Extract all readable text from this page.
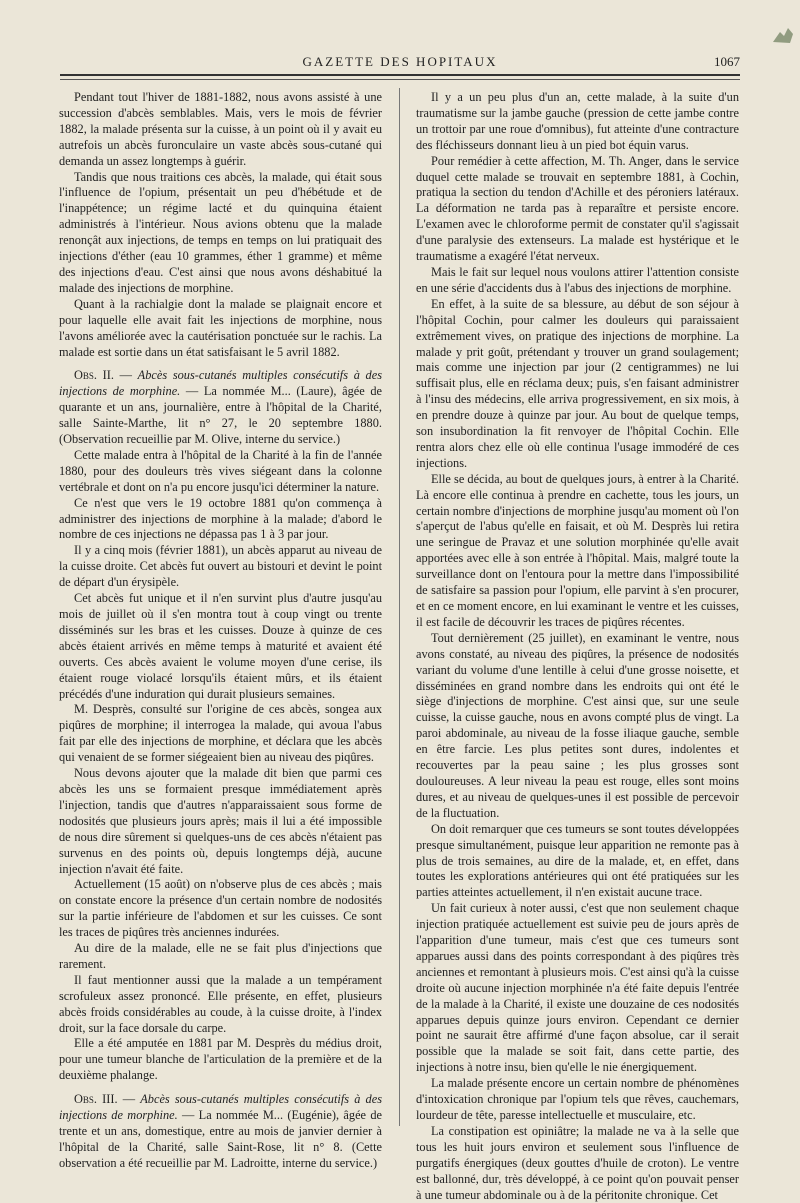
GAZETTE DES HOPITAUX	1067

Pendant tout l'hiver de 1881-1882, nous avons assisté à une succession d'abcès semblables. Mais, vers le mois de février 1882, la malade présenta sur la cuisse, à un point où il y avait eu autrefois un abcès furonculaire un vaste abcès sous-cutané qui demanda un assez longtemps à guérir.

Tandis que nous traitions ces abcès, la malade, qui était sous l'influence de l'opium, présentait un peu d'hébétude et de l'inappétence; un régime lacté et du quinquina étaient administrés à l'intérieur. Nous avions obtenu que la malade renonçât aux injections, de temps en temps on lui pratiquait des injections d'éther (eau 10 grammes, éther 1 gramme) et même des injections d'eau. C'est ainsi que nous avons déshabitué la malade des injections de morphine.

Quant à la rachialgie dont la malade se plaignait encore et pour laquelle elle avait fait les injections de morphine, nous l'avons améliorée avec la cautérisation ponctuée sur le rachis. La malade est sortie dans un état satisfaisant le 5 avril 1882.

Obs. II. — Abcès sous-cutanés multiples consécutifs à des injections de morphine. — La nommée M... (Laure), âgée de quarante et un ans, journalière, entre à l'hôpital de la Charité, salle Sainte-Marthe, lit n° 27, le 20 septembre 1880. (Observation recueillie par M. Olive, interne du service.)

Cette malade entra à l'hôpital de la Charité à la fin de l'année 1880, pour des douleurs très vives siégeant dans la colonne vertébrale et dont on n'a pu encore jusqu'ici déterminer la nature.

Ce n'est que vers le 19 octobre 1881 qu'on commença à administrer des injections de morphine à la malade; d'abord le nombre de ces injections ne dépassa pas 1 à 3 par jour.

Il y a cinq mois (février 1881), un abcès apparut au niveau de la cuisse droite. Cet abcès fut ouvert au bistouri et devint le point de départ d'un érysipèle.

Cet abcès fut unique et il n'en survint plus d'autre jusqu'au mois de juillet où il s'en montra tout à coup vingt ou trente disséminés sur les bras et les cuisses. Douze à quinze de ces abcès étaient arrivés en même temps à maturité et avaient été ouverts. Ces abcès avaient le volume moyen d'une cerise, ils étaient rouge violacé lorsqu'ils étaient mûrs, et ils étaient précédés d'une induration qui durait plusieurs semaines.

M. Desprès, consulté sur l'origine de ces abcès, songea aux piqûres de morphine; il interrogea la malade, qui avoua l'abus fait par elle des injections de morphine, et déclara que les abcès qui venaient de se former siégeaient bien au niveau des piqûres.

Nous devons ajouter que la malade dit bien que parmi ces abcès les uns se formaient presque immédiatement après l'injection, tandis que d'autres n'apparaissaient sous forme de nodosités que plusieurs jours après; mais il lui a été impossible de nous dire sûrement si quelques-uns de ces abcès n'étaient pas survenus en des points où, depuis longtemps déjà, aucune injection n'avait été faite.

Actuellement (15 août) on n'observe plus de ces abcès ; mais on constate encore la présence d'un certain nombre de nodosités sur la partie inférieure de l'abdomen et sur les cuisses. Ce sont les traces de piqûres très anciennes indurées.

Au dire de la malade, elle ne se fait plus d'injections que rarement.

Il faut mentionner aussi que la malade a un tempérament scrofuleux assez prononcé. Elle présente, en effet, plusieurs abcès froids considérables au coude, à la cuisse droite, à l'index droit, sur la face dorsale du carpe.

Elle a été amputée en 1881 par M. Desprès du médius droit, pour une tumeur blanche de l'articulation de la première et de la deuxième phalange.

Obs. III. — Abcès sous-cutanés multiples consécutifs à des injections de morphine. — La nommée M... (Eugénie), âgée de trente et un ans, domestique, entre au mois de janvier dernier à l'hôpital de la Charité, salle Saint-Rose, lit n° 8. (Cette observation a été recueillie par M. Ladroitte, interne du service.)

Il y a un peu plus d'un an, cette malade, à la suite d'un traumatisme sur la jambe gauche (pression de cette jambe contre un trottoir par une roue d'omnibus), fut atteinte d'une contracture des fléchisseurs donnant lieu à un pied bot équin varus.

Pour remédier à cette affection, M. Th. Anger, dans le service duquel cette malade se trouvait en septembre 1881, à Cochin, pratiqua la section du tendon d'Achille et des péroniers latéraux. La déformation ne tarda pas à reparaître et persiste encore. L'examen avec le chloroforme permit de constater qu'il s'agissait d'une paralysie des extenseurs. La malade est hystérique et le traumatisme a exagéré l'état nerveux.

Mais le fait sur lequel nous voulons attirer l'attention consiste en une série d'accidents dus à l'abus des injections de morphine.

En effet, à la suite de sa blessure, au début de son séjour à l'hôpital Cochin, pour calmer les douleurs qui paraissaient extrêmement vives, on pratique des injections de morphine. La malade y prit goût, prétendant y trouver un grand soulagement; mais comme une injection par jour (2 centigrammes) ne lui suffisait plus, elle en réclama deux; puis, s'en faisant administrer à l'insu des médecins, elle arriva progressivement, en six mois, à en prendre douze à quinze par jour. Au bout de quelque temps, son insubordination la fit renvoyer de l'hôpital Cochin. Elle rentra alors chez elle où elle continua l'usage immodéré de ces injections.

Elle se décida, au bout de quelques jours, à entrer à la Charité. Là encore elle continua à prendre en cachette, tous les jours, un certain nombre d'injections de morphine jusqu'au moment où l'on s'aperçut de l'abus qu'elle en faisait, et où M. Desprès lui retira une seringue de Pravaz et une solution morphinée qu'elle avait apportées avec elle à son entrée à l'hôpital. Mais, malgré toute la surveillance dont on l'entoura pour la mettre dans l'impossibilité de satisfaire sa passion pour l'opium, elle parvint à s'en procurer, et en ce moment encore, en lui examinant le ventre et les cuisses, il est facile de découvrir les traces de piqûres récentes.

Tout dernièrement (25 juillet), en examinant le ventre, nous avons constaté, au niveau des piqûres, la présence de nodosités variant du volume d'une lentille à celui d'une grosse noisette, et disséminées en grand nombre dans les endroits qui ont été le siège d'injections de morphine. C'est ainsi que, sur une seule cuisse, la cuisse gauche, nous en avons compté plus de vingt. La paroi abdominale, au niveau de la fosse iliaque gauche, semble en être farcie. Les plus petites sont dures, indolentes et recouvertes par la peau saine ; les plus grosses sont douloureuses. A leur niveau la peau est rouge, elles sont moins dures, et au niveau de quelques-unes il est possible de percevoir de la fluctuation.

On doit remarquer que ces tumeurs se sont toutes développées presque simultanément, puisque leur apparition ne remonte pas à plus de trois semaines, au dire de la malade, et, en effet, dans toutes les explorations antérieures qui ont été pratiquées sur les parties atteintes actuellement, il n'en existait aucune trace.

Un fait curieux à noter aussi, c'est que non seulement chaque injection pratiquée actuellement est suivie peu de jours après de l'apparition d'une tumeur, mais c'est que ces tumeurs sont apparues aussi dans des points correspondant à des piqûres très anciennes et remontant à plusieurs mois. C'est ainsi qu'à la cuisse droite où aucune injection morphinée n'a été faite depuis l'entrée de la malade à la Charité, il existe une douzaine de ces nodosités apparues depuis quinze jours environ. Cependant ce dernier point ne saurait être affirmé d'une façon absolue, car il serait possible que la malade se soit fait, dans cette partie, des injections à notre insu, bien qu'elle le nie énergiquement.

La malade présente encore un certain nombre de phénomènes d'intoxication chronique par l'opium tels que rêves, cauchemars, lourdeur de tête, paresse intellectuelle et musculaire, etc.

La constipation est opiniâtre; la malade ne va à la selle que tous les huit jours environ et seulement sous l'influence de purgatifs énergiques (deux gouttes d'huile de croton). Le ventre est ballonné, dur, très développé, à ce point qu'on pouvait penser à une tumeur abdominale ou à de la péritonite chronique. Cet
